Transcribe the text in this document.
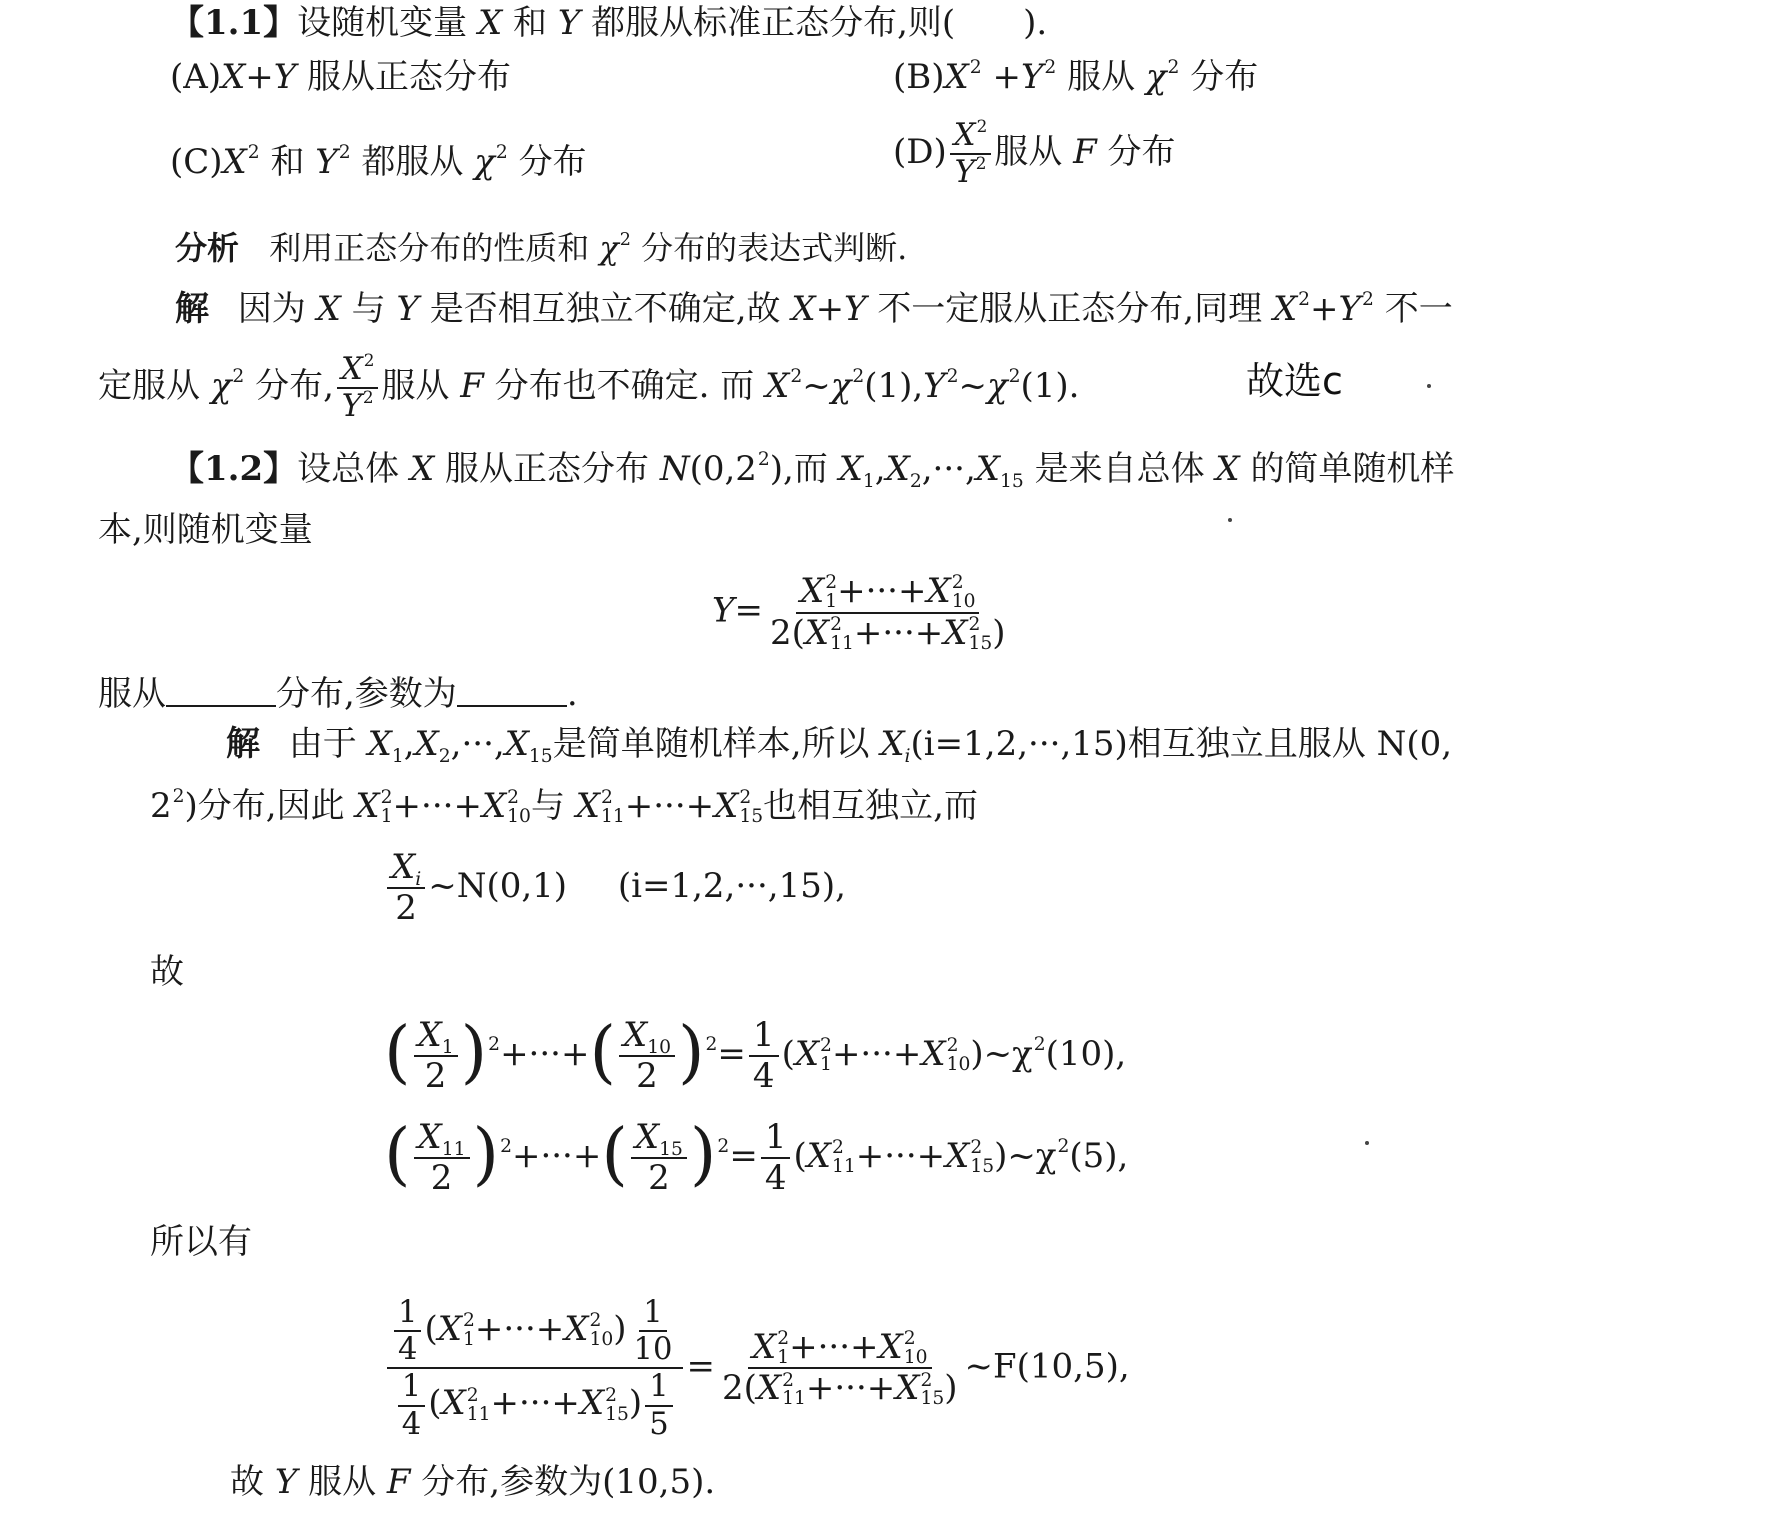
【1.1】设随机变量 X 和 Y 都服从标准正态分布,则(　　).
(A)X+Y 服从正态分布	$(B)X^2 +Y^2$ 服从 $\chi^2$ 分布
$(C)X^2$ 和 $Y^2$ 都服从 $\chi^2$ 分布	$(D) \frac{X^2}{Y^2}$ 服从 F 分布
分析 利用正态分布的性质和 $\chi^2$ 分布的表达式判断.
解 因为 X 与 Y 是否相互独立不确定,故 X+Y 不一定服从正态分布,同理 $X^2+Y^2$ 不一
定服从 $\chi^2$ 分布, $\frac{X^2}{Y^2}$ 服从 F 分布也不确定. 而 $X^2\sim\chi^2(1),Y^2\sim\chi^2(1)$.	故选c
【1.2】设总体 X 服从正态分布 $N(0,2^2)$,而 X1,X2,···,X15 是来自总体 X 的简单随机样
本,则随机变量
Y= X 2
1 +···+X 2
10
2(X 2
11 +···+X 2
15 )
服从	分布,参数为	.
解 由于 X1,X2,···,X15是简单随机样本,所以 Xi(i=1,2,···,15)相互独立且服从 N(0,
$2^2$)分布,因此 X 2
1 +···+X 2
10 与 X 2
11 +···+X 2
15 也相互独立,而
$\frac{Xi}{2}$ ~N(0,1) (i=1,2,···,15),
故
( $\frac{X1}{2} )^2+\cdot\cdot\cdot+( \frac{X10}{2} )^2= \frac{1}{4} (X$ 2
1 +···+X 2
10 )$\sim\chi^2(10)$,
( $\frac{X11}{2} )^2+\cdot\cdot\cdot+( \frac{X15}{2} )^2= \frac{1}{4} (X$ 2
11 +···+X 2
15 )$\sim\chi^2(5)$,
所以有
$\frac{1}{4} (X$ 2
1 +···+X 2
10 ) $\frac{1}{10}$
$\frac{1}{4} (X$ 2
11 +···+X 2
15 ) $\frac{1}{5} = X$ 2
1 +···+X 2
10
2(X 2
11 +···+X 2
15 ) ~F(10,5),
故 Y 服从 F 分布,参数为(10,5).
